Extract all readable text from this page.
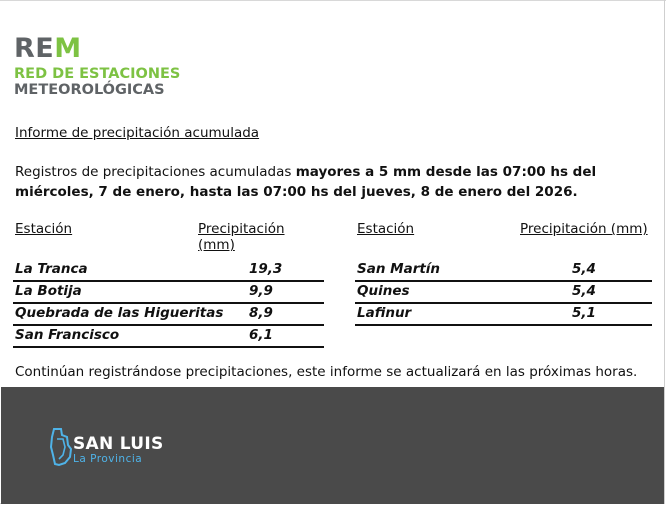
REM
RED DE ESTACIONES
METEOROLÓGICAS
Informe de precipitación acumulada
Registros de precipitaciones acumuladas mayores a 5 mm desde las 07:00 hs del miércoles, 7 de enero, hasta las 07:00 hs del jueves, 8 de enero del 2026.
Estación	Precipitación (mm)
La Tranca	19,3
La Botija	9,9
Quebrada de las Higueritas 8,9
San Francisco	6,1
Estación	Precipitación (mm)
San Martín	5,4
Quines	5,4
Lafinur	5,1
Continúan registrándose precipitaciones, este informe se actualizará en las próximas horas.
SAN LUIS
La Provincia
